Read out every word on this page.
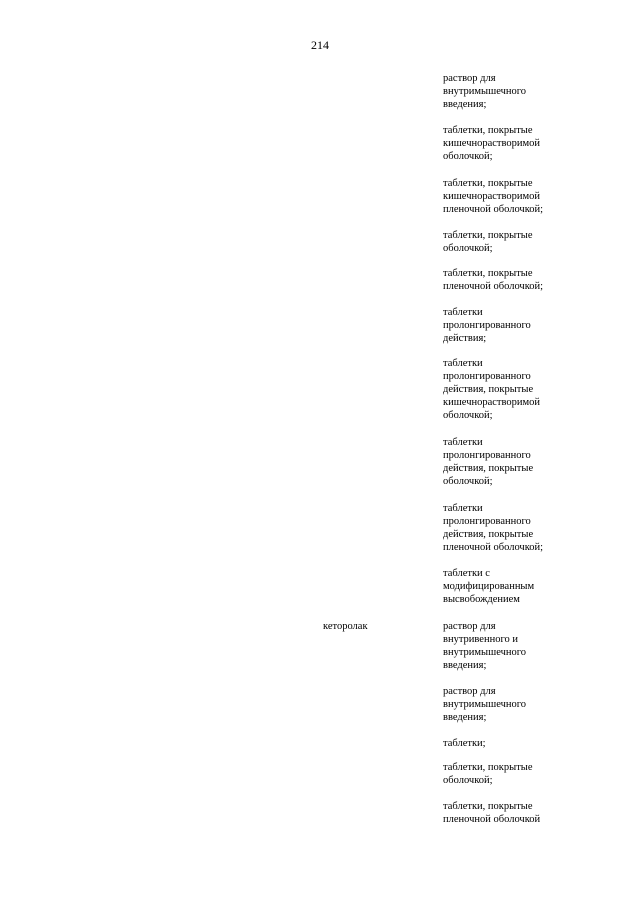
214

раствор для
внутримышечного
введения;

таблетки, покрытые
кишечнорастворимой
оболочкой;

таблетки, покрытые
кишечнорастворимой
пленочной оболочкой;

таблетки, покрытые
оболочкой;

таблетки, покрытые
пленочной оболочкой;

таблетки
пролонгированного
действия;

таблетки
пролонгированного
действия, покрытые
кишечнорастворимой
оболочкой;

таблетки
пролонгированного
действия, покрытые
оболочкой;

таблетки
пролонгированного
действия, покрытые
пленочной оболочкой;

таблетки с
модифицированным
высвобождением

кеторолак	раствор для
внутривенного и
внутримышечного
введения;

раствор для
внутримышечного
введения;

таблетки;

таблетки, покрытые
оболочкой;

таблетки, покрытые
пленочной оболочкой
